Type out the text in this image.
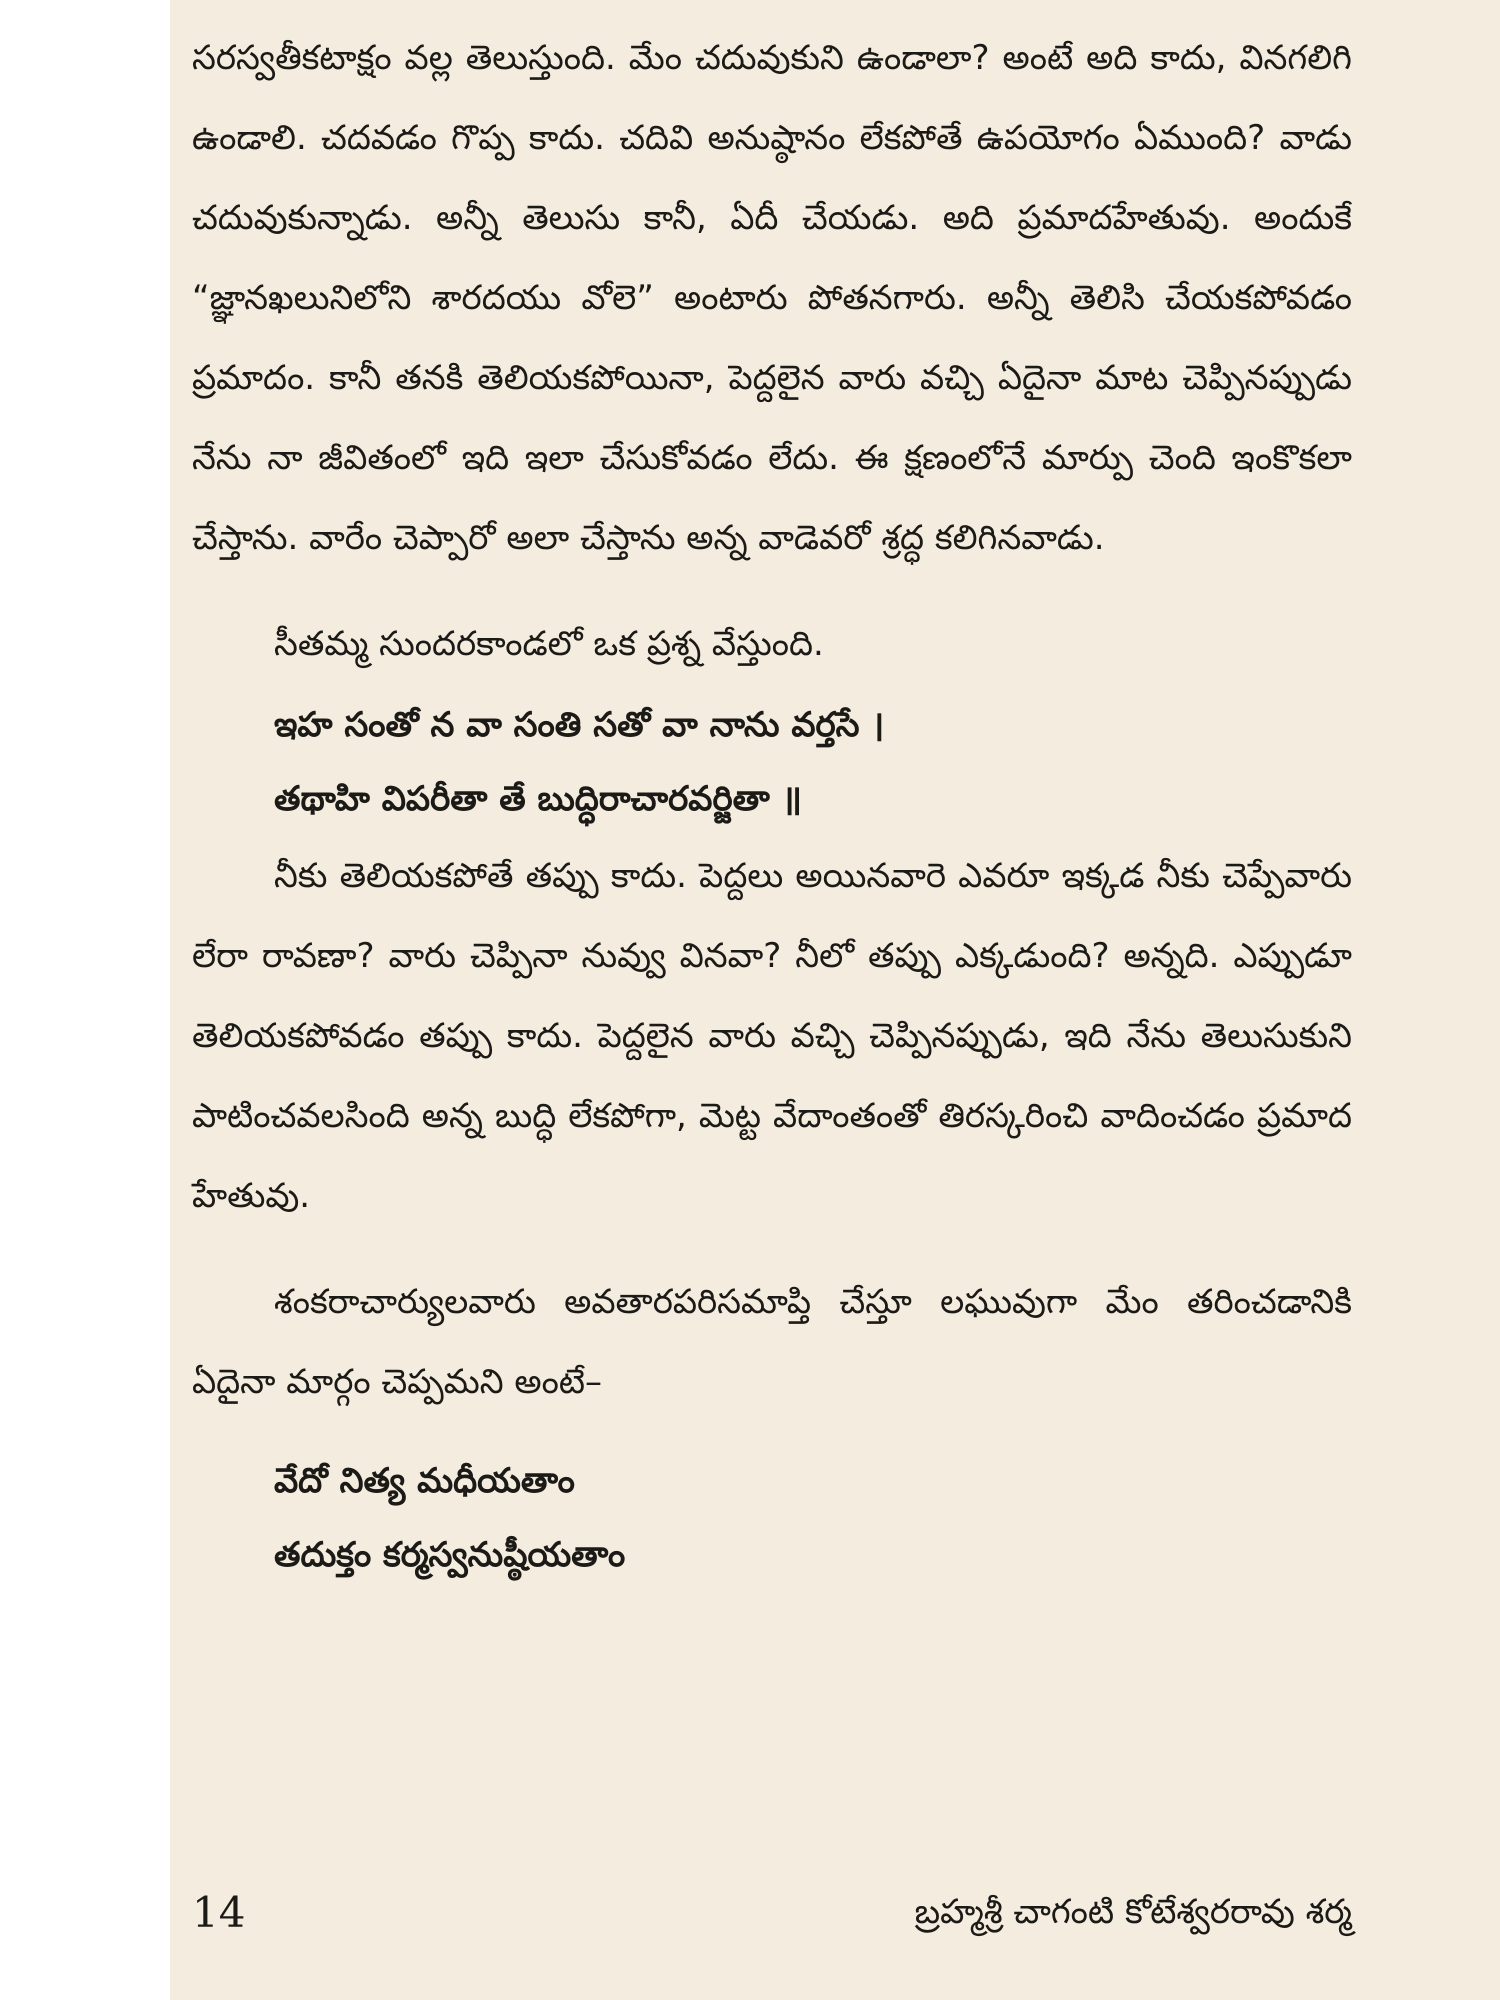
సరస్వతీకటాక్షం వల్ల తెలుస్తుంది. మేం చదువుకుని ఉండాలా? అంటే అది కాదు, వినగలిగి ఉండాలి. చదవడం గొప్ప కాదు. చదివి అనుష్ఠానం లేకపోతే ఉపయోగం ఏముంది? వాడు చదువుకున్నాడు. అన్నీ తెలుసు కానీ, ఏదీ చేయడు. అది ప్రమాదహేతువు. అందుకే “జ్ఞానఖలునిలోని శారదయు వోలె” అంటారు పోతనగారు. అన్నీ తెలిసి చేయకపోవడం ప్రమాదం. కానీ తనకి తెలియకపోయినా, పెద్దలైన వారు వచ్చి ఏదైనా మాట చెప్పినప్పుడు నేను నా జీవితంలో ఇది ఇలా చేసుకోవడం లేదు. ఈ క్షణంలోనే మార్పు చెంది ఇంకొకలా చేస్తాను. వారేం చెప్పారో అలా చేస్తాను అన్న వాడెవరో శ్రద్ధ కలిగినవాడు.

సీతమ్మ సుందరకాండలో ఒక ప్రశ్న వేస్తుంది.

ఇహ సంతో న వా సంతి సతో వా నాను వర్తసే ।

తథాహి విపరీతా తే బుద్ధిరాచారవర్జితా ॥

నీకు తెలియకపోతే తప్పు కాదు. పెద్దలు అయినవారె ఎవరూ ఇక్కడ నీకు చెప్పేవారు లేరా రావణా? వారు చెప్పినా నువ్వు వినవా? నీలో తప్పు ఎక్కడుంది? అన్నది. ఎప్పుడూ తెలియకపోవడం తప్పు కాదు. పెద్దలైన వారు వచ్చి చెప్పినప్పుడు, ఇది నేను తెలుసుకుని పాటించవలసింది అన్న బుద్ధి లేకపోగా, మెట్ట వేదాంతంతో తిరస్కరించి వాదించడం ప్రమాద హేతువు.

శంకరాచార్యులవారు అవతారపరిసమాప్తి చేస్తూ లఘువుగా మేం తరించడానికి ఏదైనా మార్గం చెప్పమని అంటే–

వేదో నిత్య మధీయతాం

తదుక్తం కర్మస్వనుష్ఠీయతాం

14	బ్రహ్మశ్రీ చాగంటి కోటేశ్వరరావు శర్మ
